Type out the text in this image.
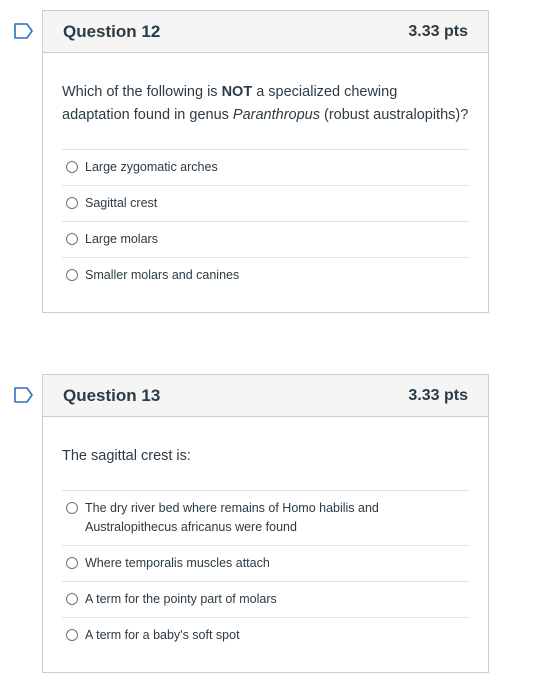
Question 12	3.33 pts

Which of the following is NOT a specialized chewing adaptation found in genus Paranthropus (robust australopiths)?

Large zygomatic arches
Sagittal crest
Large molars
Smaller molars and canines
Question 13	3.33 pts

The sagittal crest is:

The dry river bed where remains of Homo habilis and Australopithecus africanus were found
Where temporalis muscles attach
A term for the pointy part of molars
A term for a baby's soft spot
